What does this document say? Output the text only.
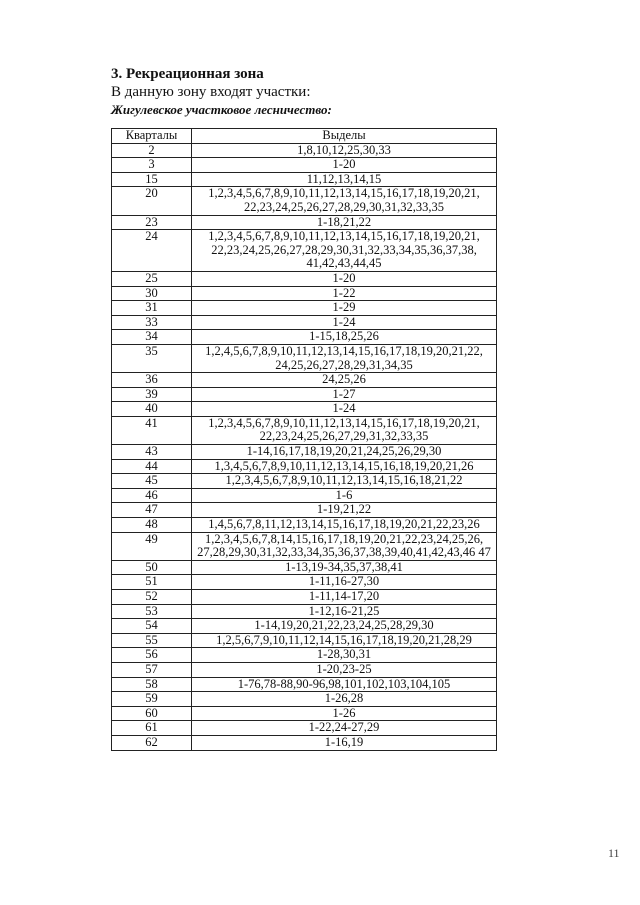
3. Рекреационная зона
В данную зону входят участки:
Жигулевское участковое лесничество:
Кварталы	Выделы
2	1,8,10,12,25,30,33
3	1-20
15	11,12,13,14,15
20	1,2,3,4,5,6,7,8,9,10,11,12,13,14,15,16,17,18,19,20,21, 22,23,24,25,26,27,28,29,30,31,32,33,35
23	1-18,21,22
24	1,2,3,4,5,6,7,8,9,10,11,12,13,14,15,16,17,18,19,20,21, 22,23,24,25,26,27,28,29,30,31,32,33,34,35,36,37,38, 41,42,43,44,45
25	1-20
30	1-22
31	1-29
33	1-24
34	1-15,18,25,26
35	1,2,4,5,6,7,8,9,10,11,12,13,14,15,16,17,18,19,20,21,22, 24,25,26,27,28,29,31,34,35
36	24,25,26
39	1-27
40	1-24
41	1,2,3,4,5,6,7,8,9,10,11,12,13,14,15,16,17,18,19,20,21, 22,23,24,25,26,27,29,31,32,33,35
43	1-14,16,17,18,19,20,21,24,25,26,29,30
44	1,3,4,5,6,7,8,9,10,11,12,13,14,15,16,18,19,20,21,26
45	1,2,3,4,5,6,7,8,9,10,11,12,13,14,15,16,18,21,22
46	1-6
47	1-19,21,22
48	1,4,5,6,7,8,11,12,13,14,15,16,17,18,19,20,21,22,23,26
49	1,2,3,4,5,6,7,8,14,15,16,17,18,19,20,21,22,23,24,25,26, 27,28,29,30,31,32,33,34,35,36,37,38,39,40,41,42,43,46 47
50	1-13,19-34,35,37,38,41
51	1-11,16-27,30
52	1-11,14-17,20
53	1-12,16-21,25
54	1-14,19,20,21,22,23,24,25,28,29,30
55	1,2,5,6,7,9,10,11,12,14,15,16,17,18,19,20,21,28,29
56	1-28,30,31
57	1-20,23-25
58	1-76,78-88,90-96,98,101,102,103,104,105
59	1-26,28
60	1-26
61	1-22,24-27,29
62	1-16,19
11
